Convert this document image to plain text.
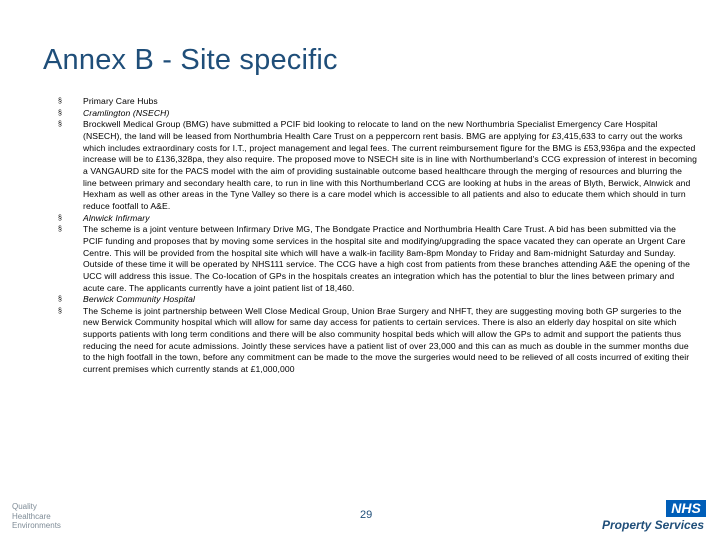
Annex B - Site specific
§ Primary Care Hubs
§ Cramlington (NSECH)
§ Brockwell Medical Group (BMG) have submitted a PCIF bid looking to relocate to land on the new Northumbria Specialist Emergency Care Hospital (NSECH), the land will be leased from Northumbria Health Care Trust on a peppercorn rent basis. BMG are applying for £3,415,633 to carry out the works which includes extraordinary costs for I.T., project management and legal fees. The current reimbursement figure for the BMG is £53,936pa and the expected increase will be to £136,328pa, they also require. The proposed move to NSECH site is in line with Northumberland's CCG expression of interest in becoming a VANGAURD site for the PACS model with the aim of providing sustainable outcome based healthcare through the merging of resources and blurring the line between primary and secondary health care, to run in line with this Northumberland CCG are looking at hubs in the areas of Blyth, Berwick, Alnwick and Hexham as well as other areas in the Tyne Valley so there is a care model which is accessible to all patients and also to educate them which should in turn reduce footfall to A&E.
§ Alnwick Infirmary
§ The scheme is a joint venture between Infirmary Drive MG, The Bondgate Practice and Northumbria Health Care Trust. A bid has been submitted via the PCIF funding and proposes that by moving some services in the hospital site and modifying/upgrading the space vacated they can operate an Urgent Care Centre. This will be provided from the hospital site which will have a walk-in facility 8am-8pm Monday to Friday and 8am-midnight Saturday and Sunday. Outside of these time it will be operated by NHS111 service. The CCG have a high cost from patients from these branches attending A&E the opening of the UCC will address this issue. The Co-location of GPs in the hospitals creates an integration which has the potential to blur the lines between primary and acute care. The applicants currently have a joint patient list of 18,460.
§ Berwick Community Hospital
§ The Scheme is joint partnership between Well Close Medical Group, Union Brae Surgery and NHFT, they are suggesting moving both GP surgeries to the new Berwick Community hospital which will allow for same day access for patients to certain services. There is also an elderly day hospital on site which supports patients with long term conditions and there will be also community hospital beds which will allow the GPs to admit and support the patients thus reducing the need for acute admissions. Jointly these services have a patient list of over 23,000 and this can as much as double in the summer months due to the high footfall in the town, before any commitment can be made to the move the surgeries would need to be relieved of all costs incurred of exiting their current premises which currently stands at £1,000,000
Quality
Healthcare
Environments
29	NHS
Property Services
